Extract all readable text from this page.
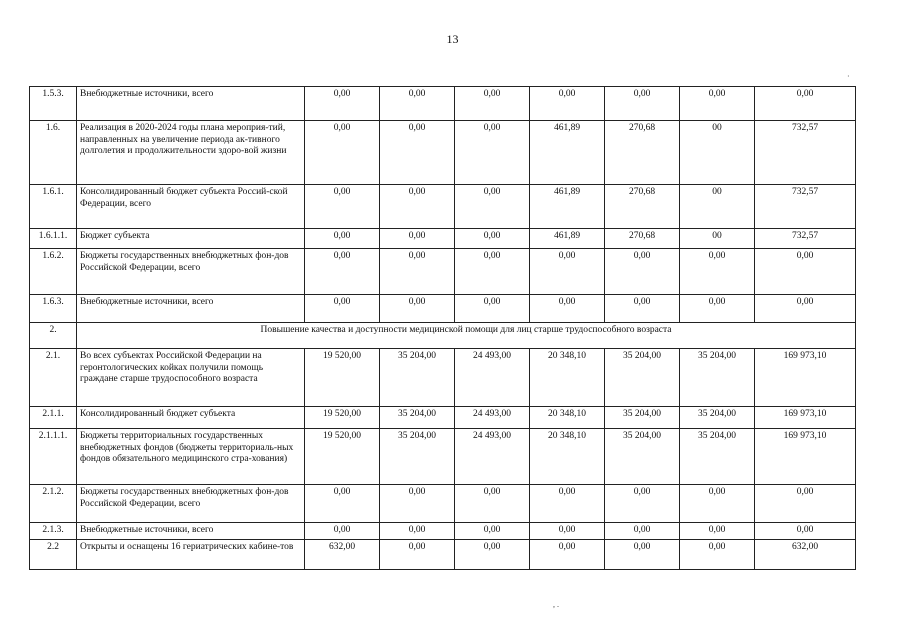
13
1.5.3.	Внебюджетные источники, всего	0,00	0,00	0,00	0,00	0,00	0,00	0,00
1.6.	Реализация в 2020-2024 годы плана мероприя-тий, направленных на увеличение периода ак-тивного долголетия и продолжительности здоро-вой жизни	0,00	0,00	0,00	461,89	270,68	00	732,57
1.6.1.	Консолидированный бюджет субъекта Россий-ской Федерации, всего	0,00	0,00	0,00	461,89	270,68	00	732,57
1.6.1.1.	Бюджет субъекта	0,00	0,00	0,00	461,89	270,68	00	732,57
1.6.2.	Бюджеты государственных внебюджетных фон-дов Российской Федерации, всего	0,00	0,00	0,00	0,00	0,00	0,00	0,00
1.6.3.	Внебюджетные источники, всего	0,00	0,00	0,00	0,00	0,00	0,00	0,00
2.	Повышение качества и доступности медицинской помощи для лиц старше трудоспособного возраста							
2.1.	Во всех субъектах Российской Федерации на геронтологических койках получили помощь граждане старше трудоспособного возраста	19 520,00	35 204,00	24 493,00	20 348,10	35 204,00	35 204,00	169 973,10
2.1.1.	Консолидированный бюджет субъекта	19 520,00	35 204,00	24 493,00	20 348,10	35 204,00	35 204,00	169 973,10
2.1.1.1.	Бюджеты территориальных государственных внебюджетных фондов (бюджеты территориаль-ных фондов обязательного медицинского стра-хования)	19 520,00	35 204,00	24 493,00	20 348,10	35 204,00	35 204,00	169 973,10
2.1.2.	Бюджеты государственных внебюджетных фон-дов Российской Федерации, всего	0,00	0,00	0,00	0,00	0,00	0,00	0,00
2.1.3.	Внебюджетные источники, всего	0,00	0,00	0,00	0,00	0,00	0,00	0,00
2.2	Открыты и оснащены 16 гериатрических кабине-тов	632,00	0,00	0,00	0,00	0,00	0,00	632,00
·
, .
